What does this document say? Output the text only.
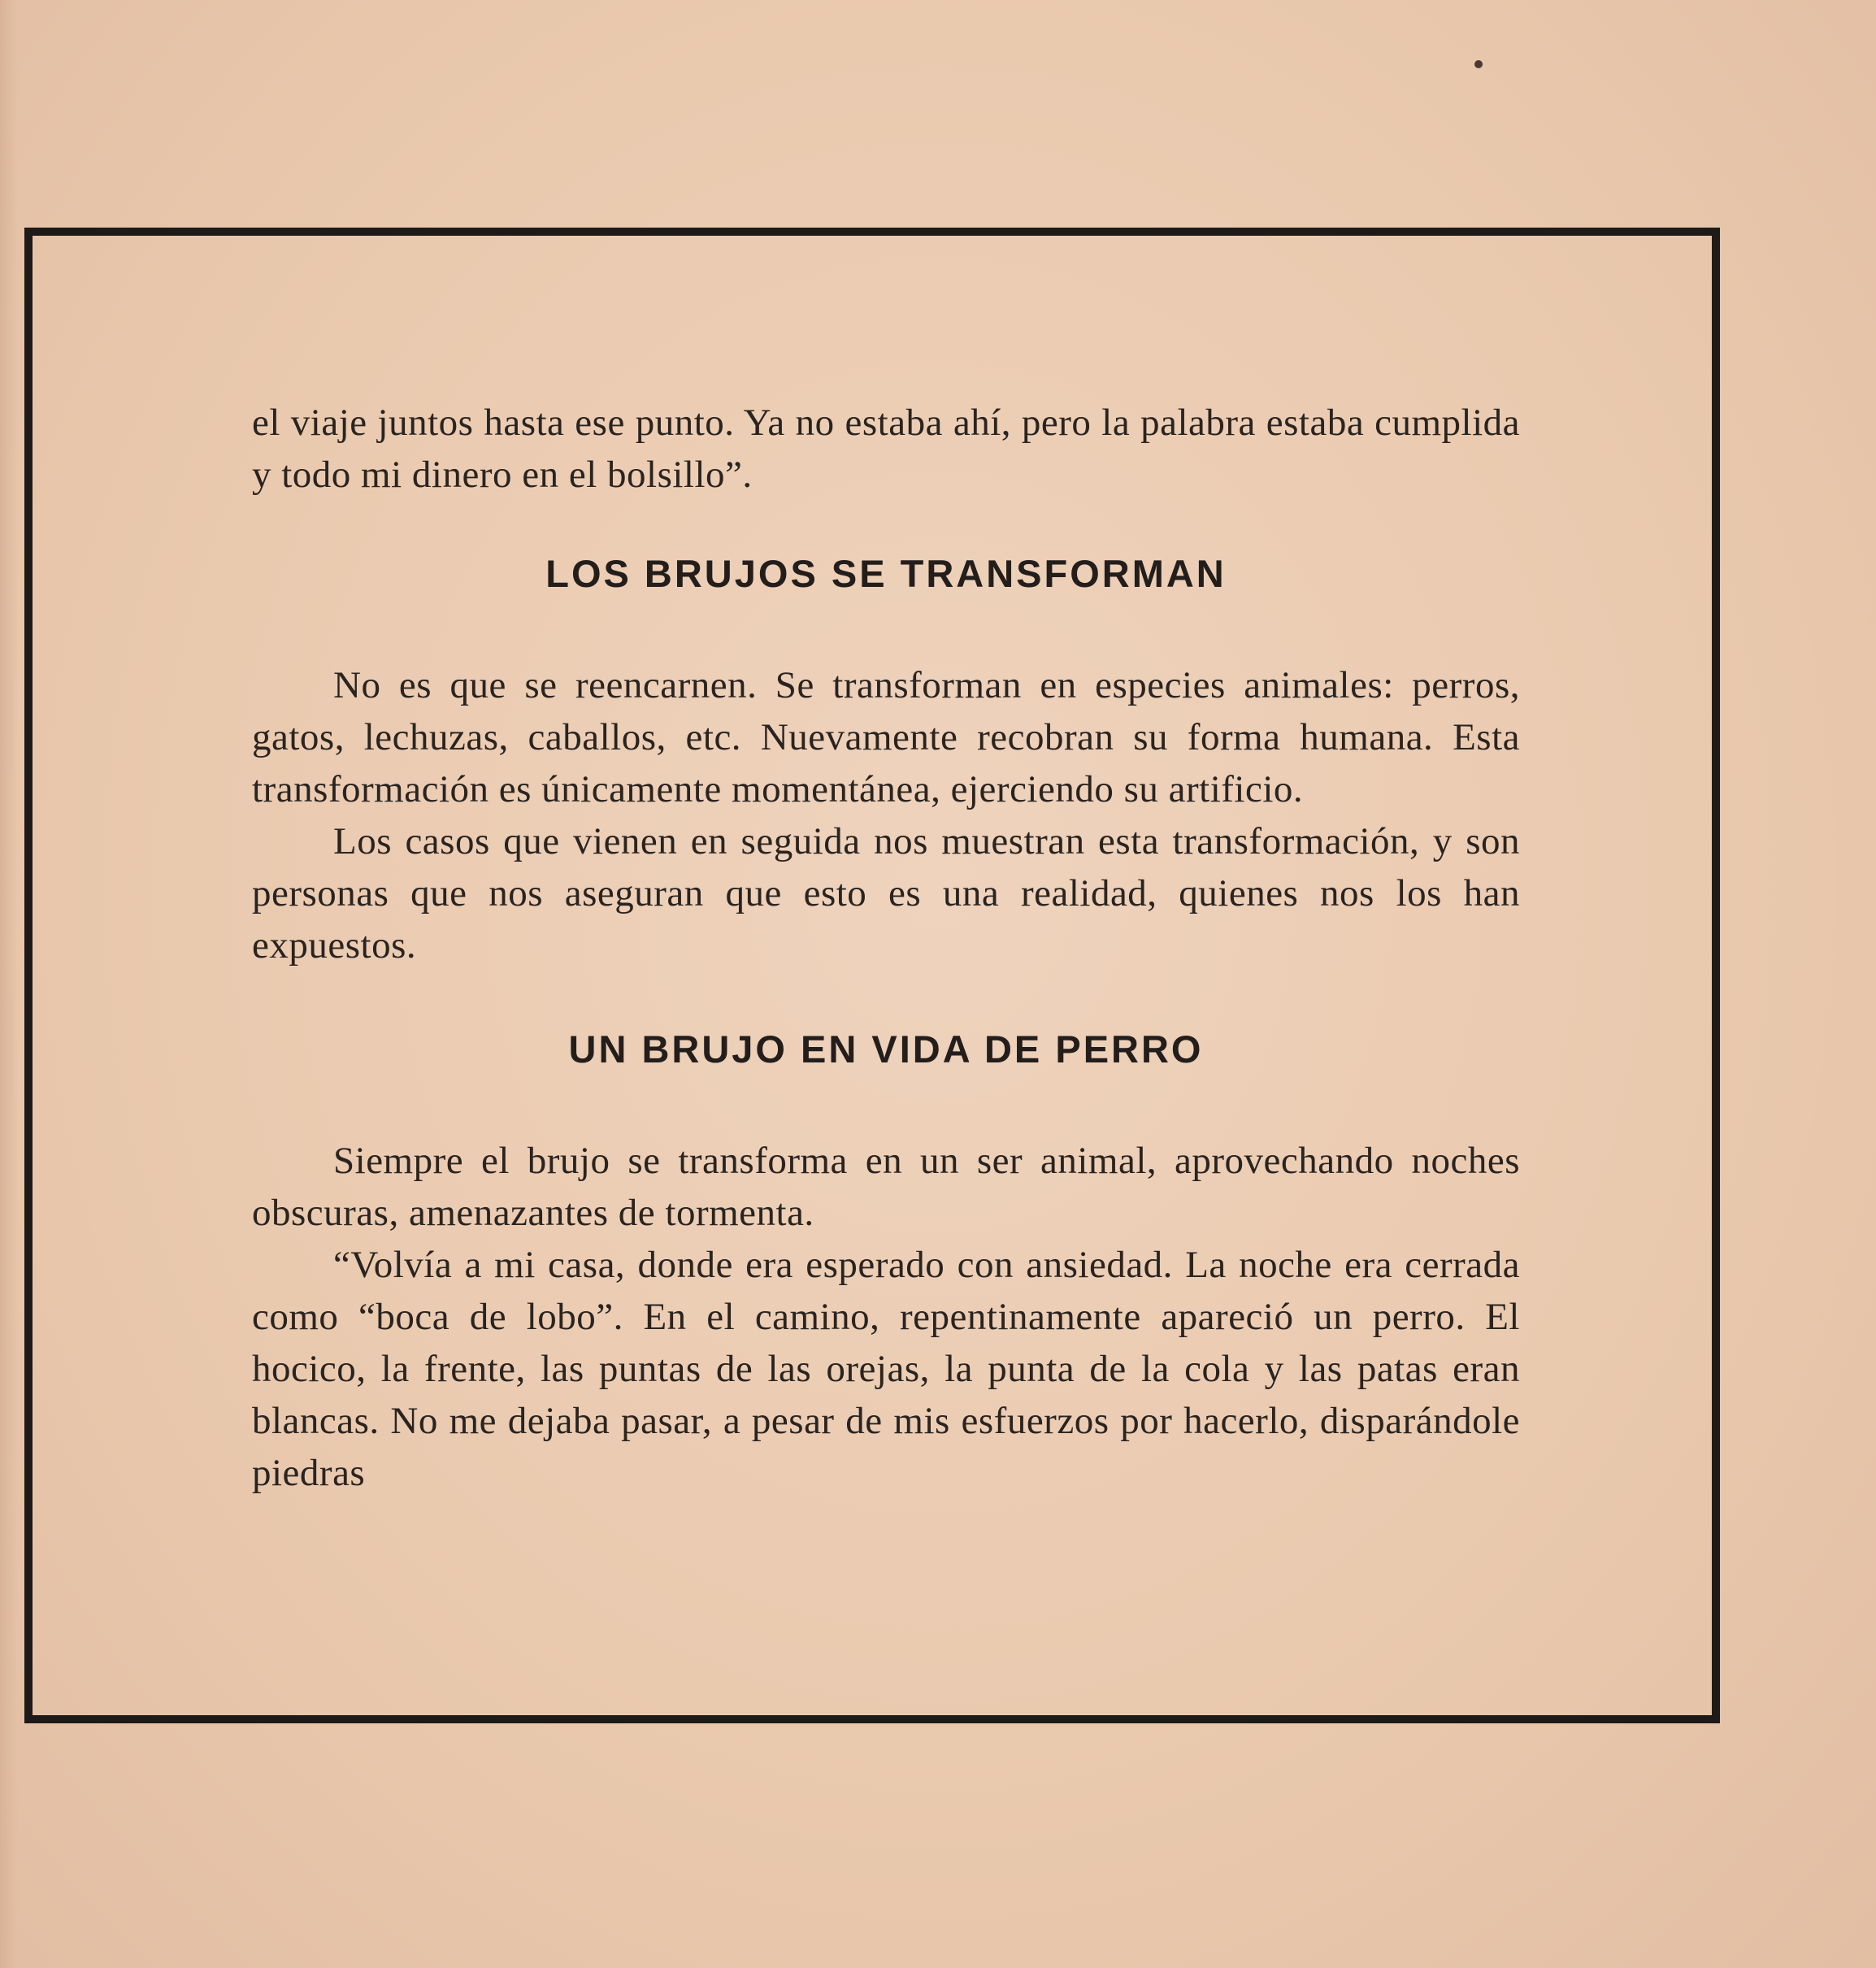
el viaje juntos hasta ese punto. Ya no estaba ahí, pero la palabra estaba cumplida y todo mi dinero en el bolsillo”.

LOS BRUJOS SE TRANSFORMAN

No es que se reencarnen. Se transforman en especies animales: perros, gatos, lechuzas, caballos, etc. Nuevamente recobran su forma humana. Esta transformación es únicamente momentánea, ejerciendo su artificio.

Los casos que vienen en seguida nos muestran esta transformación, y son personas que nos aseguran que esto es una realidad, quienes nos los han expuestos.

UN BRUJO EN VIDA DE PERRO

Siempre el brujo se transforma en un ser animal, aprovechando noches obscuras, amenazantes de tormenta.

“Volvía a mi casa, donde era esperado con ansiedad. La noche era cerrada como “boca de lobo”. En el camino, repentinamente apareció un perro. El hocico, la frente, las puntas de las orejas, la punta de la cola y las patas eran blancas. No me dejaba pasar, a pesar de mis esfuerzos por hacerlo, disparándole piedras
